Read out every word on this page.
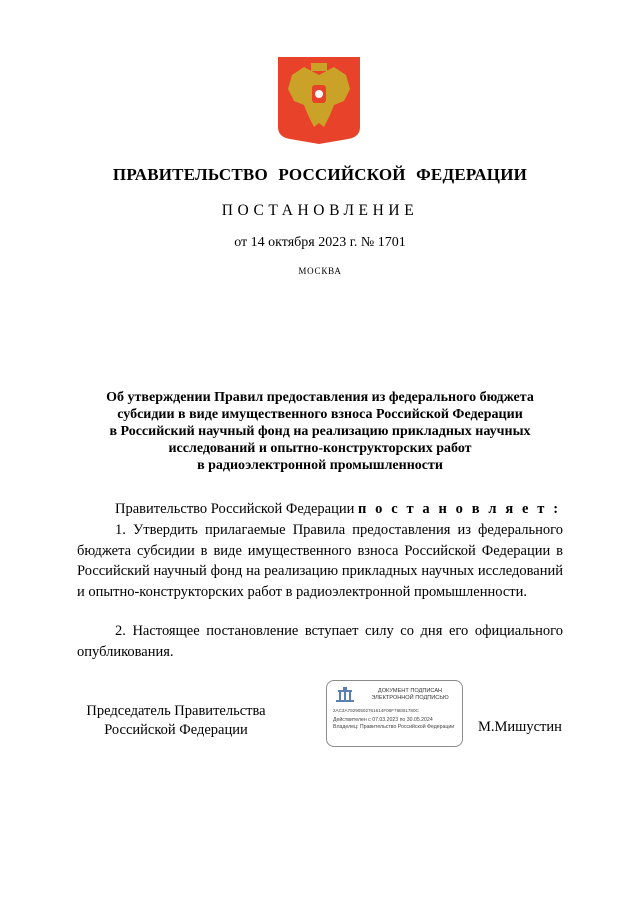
ПРАВИТЕЛЬСТВО РОССИЙСКОЙ ФЕДЕРАЦИИ
ПОСТАНОВЛЕНИЕ
от 14 октября 2023 г. № 1701
МОСКВА
Об утверждении Правил предоставления из федерального бюджета
субсидии в виде имущественного взноса Российской Федерации
в Российский научный фонд на реализацию прикладных научных
исследований и опытно-конструкторских работ
в радиоэлектронной промышленности
Правительство Российской Федерации п о с т а н о в л я е т :
1. Утвердить прилагаемые Правила предоставления из федерального бюджета субсидии в виде имущественного взноса Российской Федерации в Российский научный фонд на реализацию прикладных научных исследований и опытно-конструкторских работ в радиоэлектронной промышленности.
2. Настоящее постановление вступает силу со дня его официального опубликования.
Председатель Правительства
Российской Федерации
ДОКУМЕНТ ПОДПИСАН
ЭЛЕКТРОННОЙ ПОДПИСЬЮ
2AC3A79290502761614F06F76EB1780C
Действителен с 07.03.2023 по 30.05.2024
Владелец: Правительство Российской Федерации М.Мишустин
